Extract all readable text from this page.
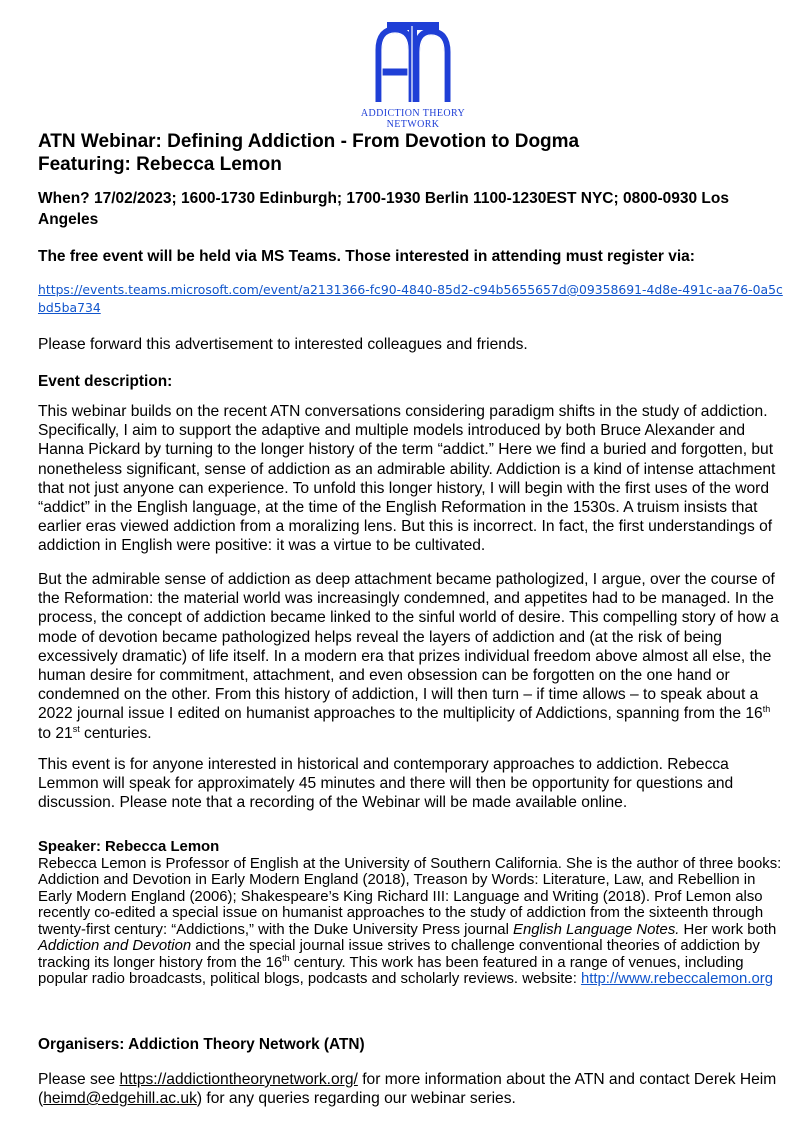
ADDICTION THEORY NETWORK

ATN Webinar: Defining Addiction - From Devotion to Dogma
Featuring: Rebecca Lemon

When? 17/02/2023; 1600-1730 Edinburgh; 1700-1930 Berlin 1100-1230EST NYC; 0800-0930 Los Angeles

The free event will be held via MS Teams. Those interested in attending must register via:

https://events.teams.microsoft.com/event/a2131366-fc90-4840-85d2-c94b5655657d@09358691-4d8e-491c-aa76-0a5cbd5ba734

Please forward this advertisement to interested colleagues and friends.

Event description:

This webinar builds on the recent ATN conversations considering paradigm shifts in the study of addiction. Specifically, I aim to support the adaptive and multiple models introduced by both Bruce Alexander and Hanna Pickard by turning to the longer history of the term “addict.” Here we find a buried and forgotten, but nonetheless significant, sense of addiction as an admirable ability. Addiction is a kind of intense attachment that not just anyone can experience. To unfold this longer history, I will begin with the first uses of the word “addict” in the English language, at the time of the English Reformation in the 1530s. A truism insists that earlier eras viewed addiction from a moralizing lens. But this is incorrect. In fact, the first understandings of addiction in English were positive: it was a virtue to be cultivated.

But the admirable sense of addiction as deep attachment became pathologized, I argue, over the course of the Reformation: the material world was increasingly condemned, and appetites had to be managed. In the process, the concept of addiction became linked to the sinful world of desire. This compelling story of how a mode of devotion became pathologized helps reveal the layers of addiction and (at the risk of being excessively dramatic) of life itself. In a modern era that prizes individual freedom above almost all else, the human desire for commitment, attachment, and even obsession can be forgotten on the one hand or condemned on the other. From this history of addiction, I will then turn – if time allows – to speak about a 2022 journal issue I edited on humanist approaches to the multiplicity of Addictions, spanning from the 16th to 21st centuries.

This event is for anyone interested in historical and contemporary approaches to addiction. Rebecca Lemmon will speak for approximately 45 minutes and there will then be opportunity for questions and discussion. Please note that a recording of the Webinar will be made available online.

Speaker: Rebecca Lemon
Rebecca Lemon is Professor of English at the University of Southern California. She is the author of three books: Addiction and Devotion in Early Modern England (2018), Treason by Words: Literature, Law, and Rebellion in Early Modern England (2006); Shakespeare’s King Richard III: Language and Writing (2018). Prof Lemon also recently co-edited a special issue on humanist approaches to the study of addiction from the sixteenth through twenty-first century: “Addictions,” with the Duke University Press journal English Language Notes. Her work both Addiction and Devotion and the special journal issue strives to challenge conventional theories of addiction by tracking its longer history from the 16th century. This work has been featured in a range of venues, including popular radio broadcasts, political blogs, podcasts and scholarly reviews. website: http://www.rebeccalemon.org

Organisers: Addiction Theory Network (ATN)

Please see https://addictiontheorynetwork.org/ for more information about the ATN and contact Derek Heim (heimd@edgehill.ac.uk) for any queries regarding our webinar series.
